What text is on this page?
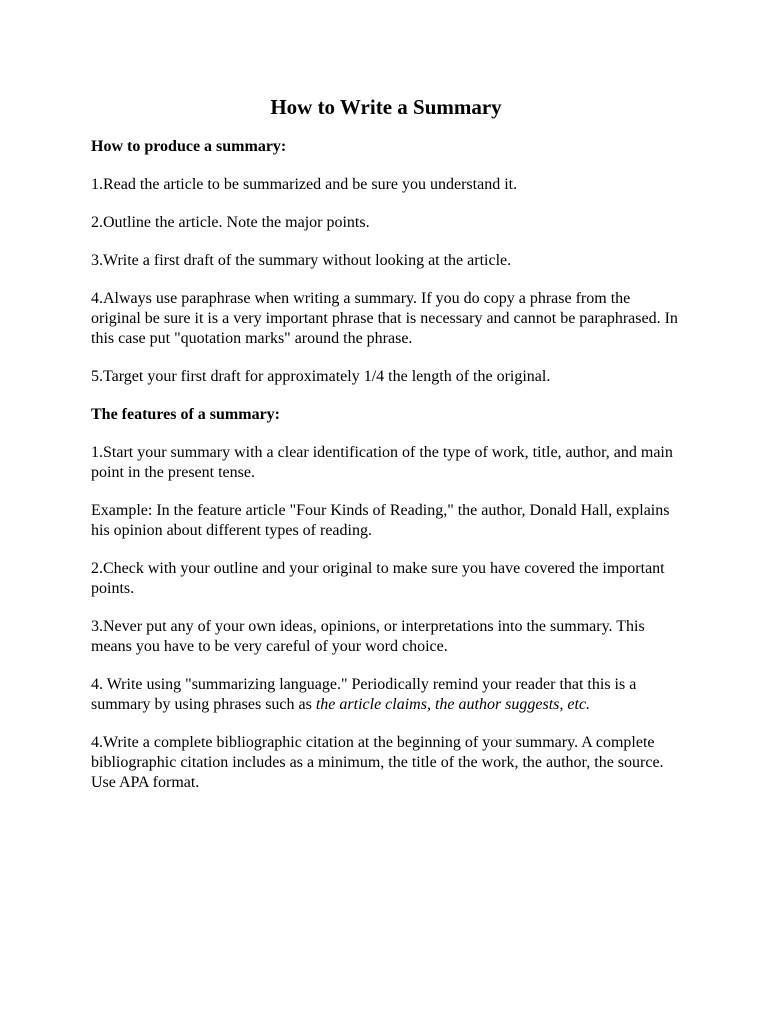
How to Write a Summary
How to produce a summary:

1.Read the article to be summarized and be sure you understand it.

2.Outline the article. Note the major points.

3.Write a first draft of the summary without looking at the article.

4.Always use paraphrase when writing a summary. If you do copy a phrase from the original be sure it is a very important phrase that is necessary and cannot be paraphrased. In this case put "quotation marks" around the phrase.

5.Target your first draft for approximately 1/4 the length of the original.

The features of a summary:

1.Start your summary with a clear identification of the type of work, title, author, and main point in the present tense.

Example: In the feature article "Four Kinds of Reading," the author, Donald Hall, explains his opinion about different types of reading.

2.Check with your outline and your original to make sure you have covered the important points.

3.Never put any of your own ideas, opinions, or interpretations into the summary. This means you have to be very careful of your word choice.

4. Write using "summarizing language." Periodically remind your reader that this is a summary by using phrases such as the article claims, the author suggests, etc.

4.Write a complete bibliographic citation at the beginning of your summary. A complete bibliographic citation includes as a minimum, the title of the work, the author, the source. Use APA format.
